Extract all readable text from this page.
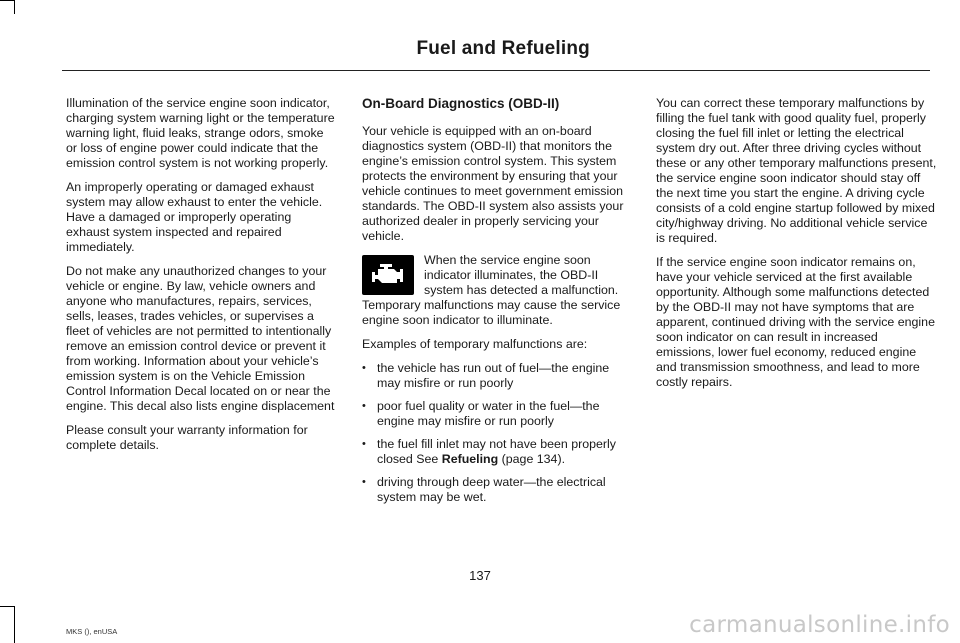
Fuel and Refueling

Illumination of the service engine soon indicator, charging system warning light or the temperature warning light, fluid leaks, strange odors, smoke or loss of engine power could indicate that the emission control system is not working properly.

An improperly operating or damaged exhaust system may allow exhaust to enter the vehicle. Have a damaged or improperly operating exhaust system inspected and repaired immediately.

Do not make any unauthorized changes to your vehicle or engine. By law, vehicle owners and anyone who manufactures, repairs, services, sells, leases, trades vehicles, or supervises a fleet of vehicles are not permitted to intentionally remove an emission control device or prevent it from working. Information about your vehicle’s emission system is on the Vehicle Emission Control Information Decal located on or near the engine. This decal also lists engine displacement

Please consult your warranty information for complete details.

On-Board Diagnostics (OBD-II)

Your vehicle is equipped with an on-board diagnostics system (OBD-II) that monitors the engine’s emission control system. This system protects the environment by ensuring that your vehicle continues to meet government emission standards. The OBD-II system also assists your authorized dealer in properly servicing your vehicle.

When the service engine soon indicator illuminates, the OBD-II system has detected a malfunction. Temporary malfunctions may cause the service engine soon indicator to illuminate.

Examples of temporary malfunctions are:

• the vehicle has run out of fuel—the engine may misfire or run poorly
• poor fuel quality or water in the fuel—the engine may misfire or run poorly
• the fuel fill inlet may not have been properly closed See Refueling (page 134).
• driving through deep water—the electrical system may be wet.

You can correct these temporary malfunctions by filling the fuel tank with good quality fuel, properly closing the fuel fill inlet or letting the electrical system dry out. After three driving cycles without these or any other temporary malfunctions present, the service engine soon indicator should stay off the next time you start the engine. A driving cycle consists of a cold engine startup followed by mixed city/highway driving. No additional vehicle service is required.

If the service engine soon indicator remains on, have your vehicle serviced at the first available opportunity. Although some malfunctions detected by the OBD-II may not have symptoms that are apparent, continued driving with the service engine soon indicator on can result in increased emissions, lower fuel economy, reduced engine and transmission smoothness, and lead to more costly repairs.

137
MKS (), enUSA	carmanualsonline.info
